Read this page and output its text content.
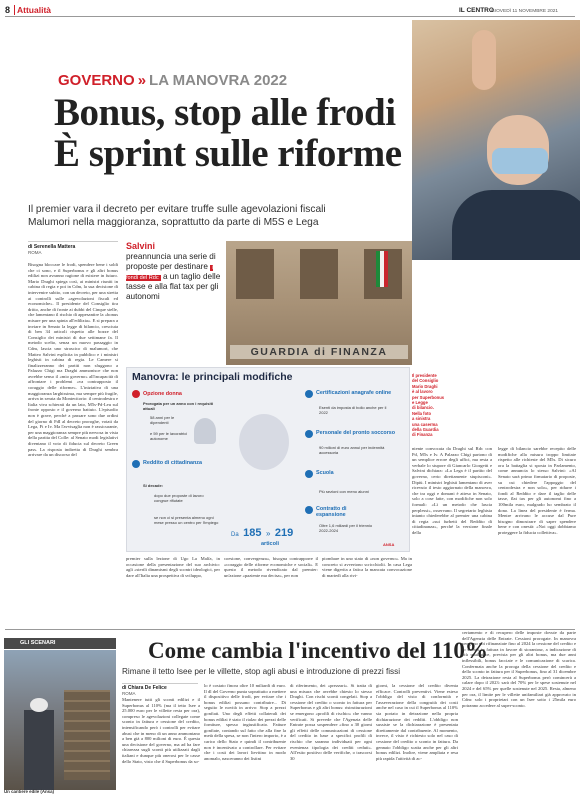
8 Attualità	IL CENTRO
GIOVEDÌ 11 NOVEMBRE 2021
GOVERNO » LA MANOVRA 2022
Bonus, stop alle frodi
È sprint sulle riforme
Il premier vara il decreto per evitare truffe sulle agevolazioni fiscali
Malumori nella maggioranza, soprattutto da parte di M5S e Lega
di Serenella Mattera
ROMA

Bisogna bloccare le frodi, spendere bene i soldi che ci sono, e il Superbonus e gli altri bonus edilizi non avranno ragione di esistere in futuro. Mario Draghi spiega così, ai ministri riuniti in cabina di regia e poi in Cdm, la sua decisione di intervenire subito, con un decreto, per una stretta ai controlli sulle «agevolazioni fiscali ed economiche». Il presidente del Consiglio tira dritto, anche di fronte ai dubbi del Cinque stelle, che lamentano il rischio di appesantire la «bonus misure per una spinta all'edilizia». E si prepara a inviare in Senato la legge di bilancio, cresciuta di ben 34 articoli rispetto alle bozze del Consiglio dei ministri di due settimane fa. Il metodo scelto, senza un nuovo passaggio in Cdm, lascia uno strascico di malumori, che Matteo Salvini esplicita in pubblico e i ministri leghisti in cabina di regia. Le Camere si finalizzeranno dei partiti non sfuggono a Palazzo Chigi ma Draghi ammonisce che non avrebbe senso il «mio governo» all'incapacità di affrontare i problemi «va contrapposto il coraggio delle riforme». L'iniziativa di una maggioranza larghissima, ma sempre più fragile, arriva in serata da Montecitorio: il centrodestra e Italia viva schierati da un lato, M5s-Pd-Leu sul fronte opposto e il governo battuto. L'episodio non è grave, perché a passare sono due ordini del giorno di FdI al decreto proroghe, votati da Lega, Fi e Iv. Ma l'avvisaglia non è rassicurante, per una maggioranza sempre più nervosa in vista della partita del Colle: al Senato modi legislativi diventano il voto di fiducia sul decreto Green pass. La risposta indiretta di Draghi sembra arrivare da un discorso del

Salvini
preannuncia una serie di proposte per destinare i fondi del Rdc a un taglio delle tasse e alla flat tax per gli autonomi
GUARDIA di FINANZA
Il presidente
del Consiglio
Mario Draghi
è al lavoro
per Superbonus
e Legge
di bilancio.
Nella foto
a sinistra
una caserma
della Guardia
di Finanza
Manovra: le principali modifiche
Opzione donna
Prorogata per un anno con i requisiti attuali
58 anni per le dipendenti
e 59 per le lavoratrici autonome
Reddito di cittadinanza
Si decade:
dopo due proposte di lavoro congrue rifiutate
se non ci si presenta almeno ogni mese presso un centro per l'impiego
Da 185 » 219
articoli
Certificazioni anagrafe online
Esenti da imposta di bollo anche per il 2022
Personale del pronto soccorso
90 milioni di euro annui per indennità accessoria
Scuola
Più sezioni con meno alunni
Contratto di espansione
Oltre 1,6 miliardi per il triennio 2022-2024
ANSA

premier sulla lezione di Ugo La Malfa, in occasione della presentazione del suo archivio: agli «sterili dinamismi degli scontri ideologici, per dare all'Italia una prospettiva di sviluppo,

coesione, convergenza», bisogna contrapporre il «coraggio delle riforme economiche e sociali». E questo il metodo rivendicato dal premier: un'azione «paziente ma decisa», per non

piombare in uno stato di «non governo». Ma in concreto si avvertono scricchiolii. In casa Lega viene digerita a fatica la mancata convocazione di martedì alla rivi-

niente convocata da Draghi sul Rdc con Pd, M5s e Iv. A Palazzo Chigi partono di un semplice errore degli uffici, ma resta a verbale lo stupore di Giancarlo Giorgetti e Salvini dichiara: «La Lega è il partito del governo, certo direttamente stupisconi». Dipiù. I ministri leghisti lamentano di aver ricevuto il testo aggiornato della manovra, che tra oggi e domani è atteso in Senato, solo a cose fatte, con modifiche non solo formali: «Lì un metodo che lascia perplessi», osservano. Il segretario leghista intanto chiederebbe al premier una cabina di regia «sui furbetti del Reddito di cittadinanza», perché la versione finale della

legge di bilancio sarebbe recepito delle modifiche alla misura troppo limitate rispetto alle richieste del M5s. Di sicuro ora la battaglia si sposta in Parlamento, come annuncia lo stesso Salvini: «Al Senato sarà primo firmatario di proposte, su cui chiedere l'appoggio del centrodestra e non solo», per ridurre i fondi al Reddito e dare il taglio delle tasse, flat tax per gli autonomi fino a 100mila euro, malgrado ho sembrato il dono. La linea del presidente è ferma. Mentre arrivano le accuse dal Pure bisogno dimostrare di saper spendere bene e con onestà: «Noi oggi dobbiamo proteggere la fiducia collettiva».

GLI SCENARI
Un cantiere edile (Ansa)
Come cambia l'incentivo del 110%
Rimane il tetto Isee per le villette, stop agli abusi e introduzione di prezzi fissi
di Chiara De Felice
ROMA

Mantenere tutti gli sconti edilizi e il Superbonus al 110% (ma il tetto Isee a 25.000 euro per le villette resta per ora), compreso le agevolazioni collegate come sconto in fattura e cessione del credito, intensificando però i controlli per evitare abusi che in meno di un anno ammontano a ben già a 800 milioni di euro. È questa una decisione del governo, ma ad ha fare chiarezza sugli sconti più utilizzati dagli italiani e dunque più onerosi per le casse dello Stato, visto che il Superbonus da so-

lo è costato finora oltre 10 miliardi di euro. Il dl del Governo punta soprattutto a mettere il dispositivo delle frodi, per evitare che i bonus edilizi possano contribuire... Di seguito le novità in arrivo: Stop a prezzi gonfiati. Uno degli effetti collaterali dei bonus edilizi è stato il rialzo dei prezzi delle forniture, spesso ingiustificato. Fatture gonfiate, contando sul fatto che alla fine la metà della spesa, se non l'intero importo, è a carico dello Stato e quindi il contribuente non è incentivato a controllare. Per evitare che i costi dei lavori lievitino in modo anomalo, nasceranno dei listini

di riferimento, dei «prezzari». Si tratta di una misura che avrebbe chiesto lo stesso Draghi. Con rischi sconti congelati. Stop a cessione del credito o sconto in fattura per Superbonus e gli altri bonus: ristrutturazioni se emergono «profili di rischio» che vanno verificati. Si prevede che l'Agenzia delle Entrate possa sospendere «fino a 30 giorni gli effetti delle comunicazioni di cessione del credito in base a specifici profili di rischio che saranno individuati per ogni evenienza tipologia dei crediti ceduti». All'esito positivo delle verifiche, o trascorsi 30

giorni, la cessione del credito diventa efficace. Controlli preventivi. Viene esteso l'obbligo del visto di conformità e l'asseverazione della congruità dei costi anche nel caso in cui il Superbonus al 110% sia portato in detrazione nella propria dichiarazione dei redditi. L'obbligo non sussiste se la dichiarazione è presentata direttamente dal contribuente. Al momento, invece, il visto è richiesto solo nel caso di cessione del credito o sconto in fattura. Da gennaio l'obbligo scatta anche per gli altri bonus edilizi. Inoltre, viene ampliata e resa più rapida l'attività di ac-

certamento e di recupero delle imposte dovute da parte dell'Agenzia delle Entrate. Cessioni prorogate. In manovra vengono poi rifinanziate fino al 2024 la cessione del credito e lo sconto in fattura in favore di siorantour, a indicazione di più usufruisce, prevista per gli altri bonus, ma due anni inflessibili, bonus facciate e le comunicazione di scarica. Confermata anche la proroga della cessione del credito e dello sconto in fattura per il Superbonus, fino al 31 dicembre 2025. La detrazione resta al Superbonus però comincerà a calare dopo il 2023: sarà del 70% per le spese sostenute nel 2024 e del 65% per quelle sostenute nel 2025. Resta, almeno per ora, il limite per le villette unifamiliari già approvato in Cdm: solo i proprietari con un Isee sotto i 25mila euro potranno accedere al super-sconto.
